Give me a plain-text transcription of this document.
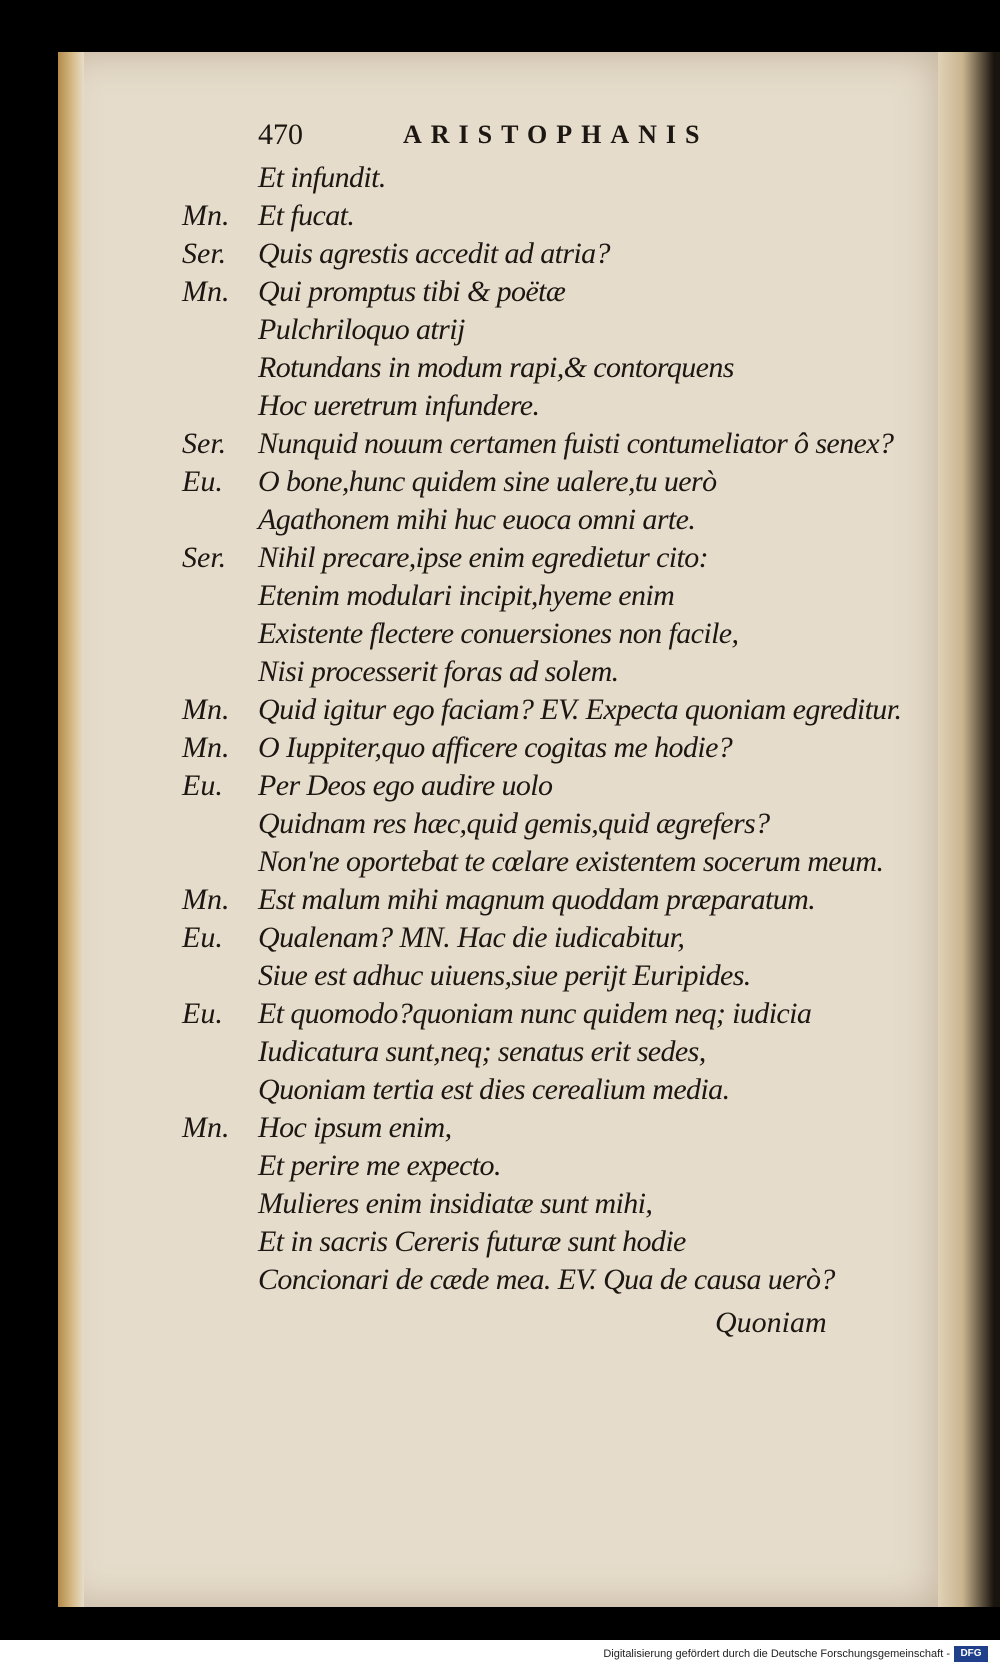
470	ARISTOPHANIS
Et infundit.
Mn. Et fucat.
Ser.	Quis agrestis accedit ad atria?
Mn. Qui promptus tibi & poëtæ
Pulchriloquo atrij
Rotundans in modum rapi,& contorquens
Hoc ueretrum infundere.
Ser.	Nunquid nouum certamen fuisti contumeliator ô senex?
Eu.	O bone,hunc quidem sine ualere,tu uerò
Agathonem mihi huc euoca omni arte.
Ser.	Nihil precare,ipse enim egredietur cito:
Etenim modulari incipit,hyeme enim
Existente flectere conuersiones non facile,
Nisi processerit foras ad solem.
Mn. Quid igitur ego faciam? EV. Expecta quoniam egreditur.
Mn. O Iuppiter,quo afficere cogitas me hodie?
Eu.	Per Deos ego audire uolo
Quidnam res hæc,quid gemis,quid ægrefers?
Non'ne oportebat te cœlare existentem socerum meum.
Mn. Est malum mihi magnum quoddam præparatum.
Eu.	Qualenam? MN. Hac die iudicabitur,
Siue est adhuc uiuens,siue perijt Euripides.
Eu.	Et quomodo?quoniam nunc quidem neq; iudicia
Iudicatura sunt,neq; senatus erit sedes,
Quoniam tertia est dies cerealium media.
Mn. Hoc ipsum enim,
Et perire me expecto.
Mulieres enim insidiatæ sunt mihi,
Et in sacris Cereris futuræ sunt hodie
Concionari de cæde mea. EV. Qua de causa uerò?
Quoniam
Digitalisierung gefördert durch die Deutsche Forschungsgemeinschaft -	DFG
